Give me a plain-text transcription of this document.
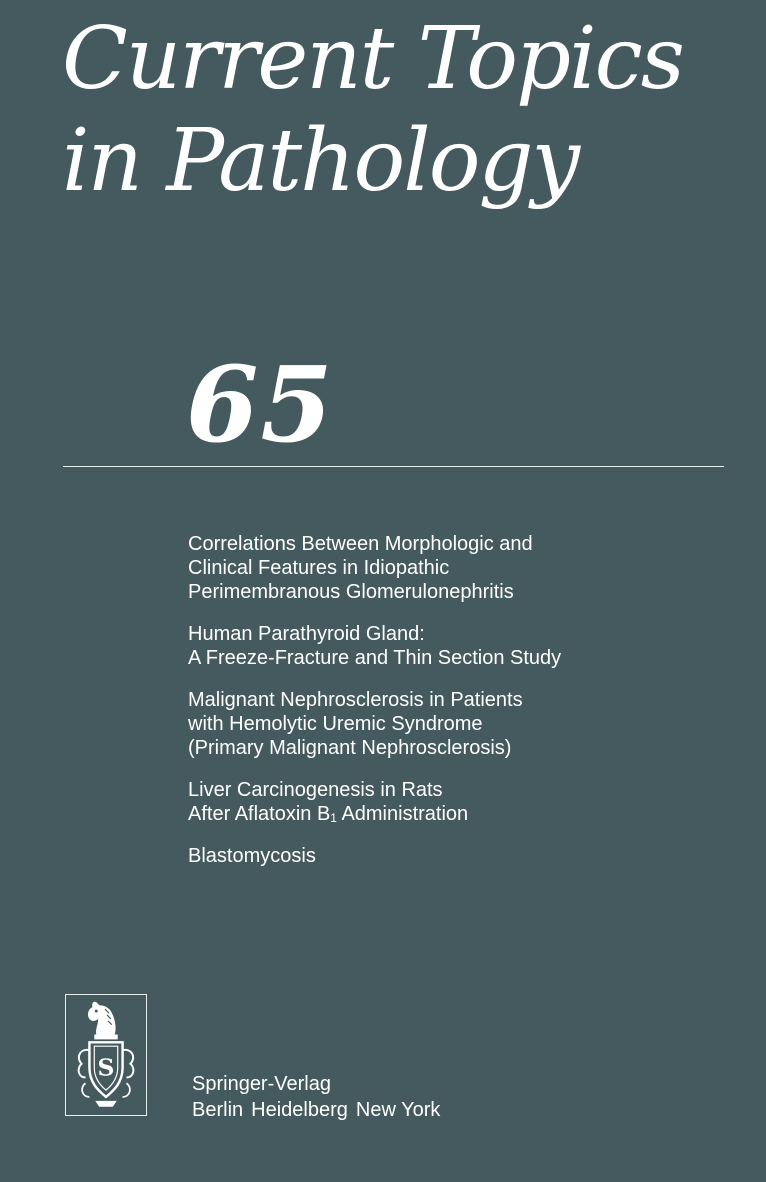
Current Topics
in Pathology
65
Correlations Between Morphologic and
Clinical Features in Idiopathic
Perimembranous Glomerulonephritis
Human Parathyroid Gland:
A Freeze-Fracture and Thin Section Study
Malignant Nephrosclerosis in Patients
with Hemolytic Uremic Syndrome
(Primary Malignant Nephrosclerosis)
Liver Carcinogenesis in Rats
After Aflatoxin $B_1$ Administration
Blastomycosis
S
Springer-Verlag
Berlin Heidelberg New York
